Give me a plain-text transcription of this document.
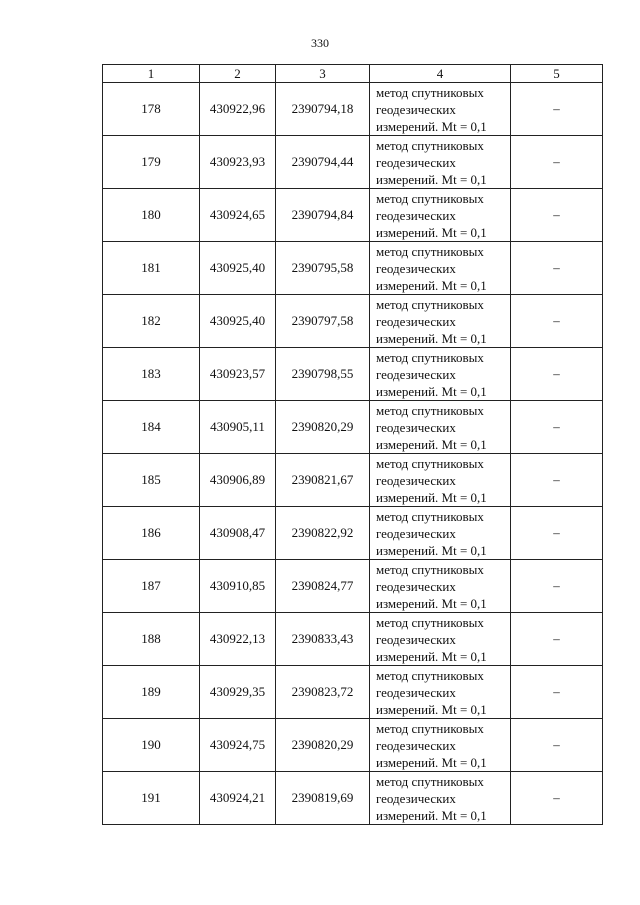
330
1	2	3	4	5
178	430922,96	2390794,18	метод спутниковых
геодезических
измерений. Mt = 0,1	–
179	430923,93	2390794,44	метод спутниковых
геодезических
измерений. Mt = 0,1	–
180	430924,65	2390794,84	метод спутниковых
геодезических
измерений. Mt = 0,1	–
181	430925,40	2390795,58	метод спутниковых
геодезических
измерений. Mt = 0,1	–
182	430925,40	2390797,58	метод спутниковых
геодезических
измерений. Mt = 0,1	–
183	430923,57	2390798,55	метод спутниковых
геодезических
измерений. Mt = 0,1	–
184	430905,11	2390820,29	метод спутниковых
геодезических
измерений. Mt = 0,1	–
185	430906,89	2390821,67	метод спутниковых
геодезических
измерений. Mt = 0,1	–
186	430908,47	2390822,92	метод спутниковых
геодезических
измерений. Mt = 0,1	–
187	430910,85	2390824,77	метод спутниковых
геодезических
измерений. Mt = 0,1	–
188	430922,13	2390833,43	метод спутниковых
геодезических
измерений. Mt = 0,1	–
189	430929,35	2390823,72	метод спутниковых
геодезических
измерений. Mt = 0,1	–
190	430924,75	2390820,29	метод спутниковых
геодезических
измерений. Mt = 0,1	–
191	430924,21	2390819,69	метод спутниковых
геодезических
измерений. Mt = 0,1	–
